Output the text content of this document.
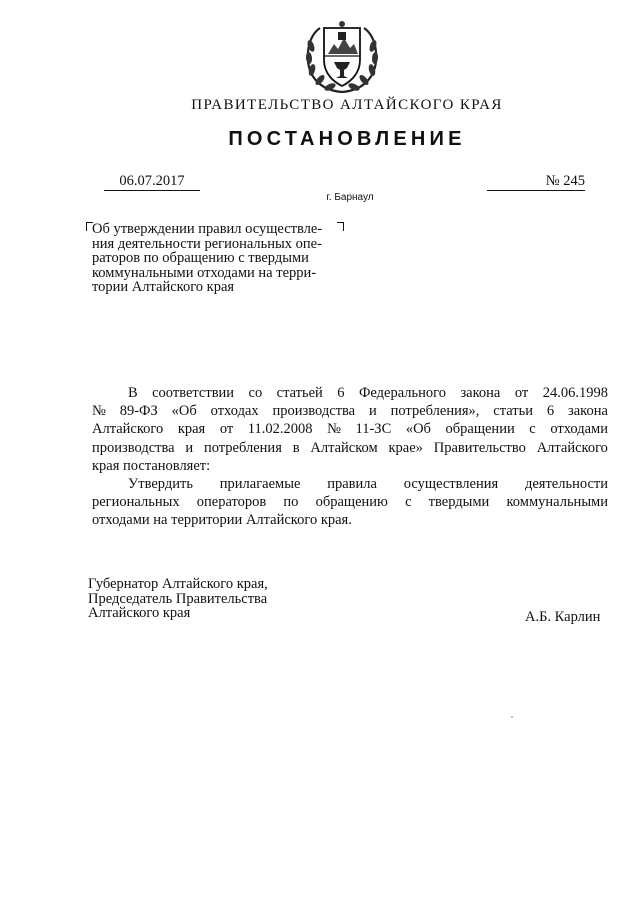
ПРАВИТЕЛЬСТВО АЛТАЙСКОГО КРАЯ
ПОСТАНОВЛЕНИЕ
06.07.2017	№ 245
г. Барнаул
Об утверждении правил осуществле-
ния деятельности региональных опе-
раторов по обращению с твердыми
коммунальными отходами на терри-
тории Алтайского края
В соответствии со статьей 6 Федерального закона от 24.06.1998
№ 89-ФЗ «Об отходах производства и потребления», статьи 6 закона
Алтайского края от 11.02.2008 № 11-ЗС «Об обращении с отходами
производства и потребления в Алтайском крае» Правительство Алтайского
края постановляет:
Утвердить прилагаемые правила осуществления деятельности
региональных операторов по обращению с твердыми коммунальными
отходами на территории Алтайского края.
Губернатор Алтайского края,
Председатель Правительства
Алтайского края	А.Б. Карлин
